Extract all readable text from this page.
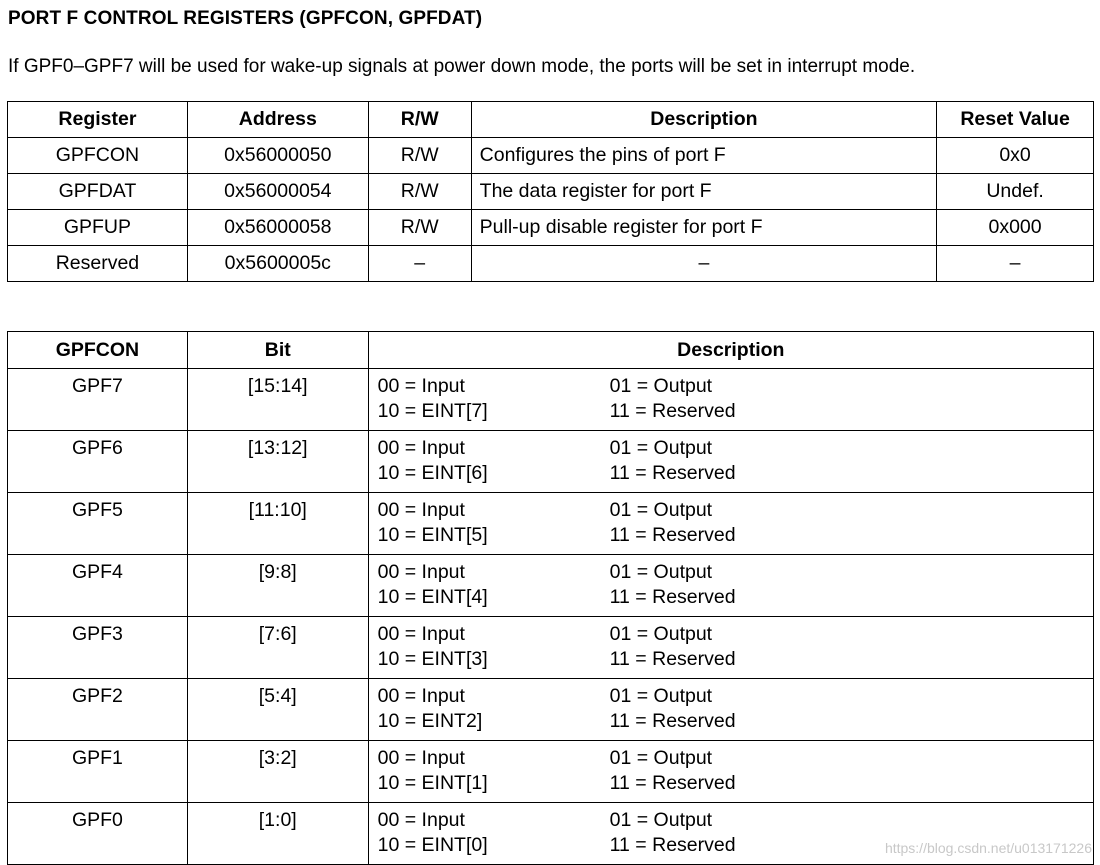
PORT F CONTROL REGISTERS (GPFCON, GPFDAT)
If GPF0–GPF7 will be used for wake-up signals at power down mode, the ports will be set in interrupt mode.
Register	Address	R/W	Description	Reset Value
GPFCON	0x56000050	R/W	Configures the pins of port F	0x0
GPFDAT	0x56000054	R/W	The data register for port F	Undef.
GPFUP	0x56000058	R/W	Pull-up disable register for port F	0x000
Reserved	0x5600005c	–	–	–
GPFCON	Bit	Description
GPF7	[15:14]	00 = Input 01 = Output
10 = EINT[7] 11 = Reserved

GPF6	[13:12]	00 = Input 01 = Output
10 = EINT[6] 11 = Reserved

GPF5	[11:10]	00 = Input 01 = Output
10 = EINT[5] 11 = Reserved

GPF4	[9:8]	00 = Input 01 = Output
10 = EINT[4] 11 = Reserved

GPF3	[7:6]	00 = Input 01 = Output
10 = EINT[3] 11 = Reserved

GPF2	[5:4]	00 = Input 01 = Output
10 = EINT2] 11 = Reserved

GPF1	[3:2]	00 = Input 01 = Output
10 = EINT[1] 11 = Reserved

GPF0	[1:0]	00 = Input 01 = Output
10 = EINT[0] 11 = Reserved	https://blog.csdn.net/u013171226
